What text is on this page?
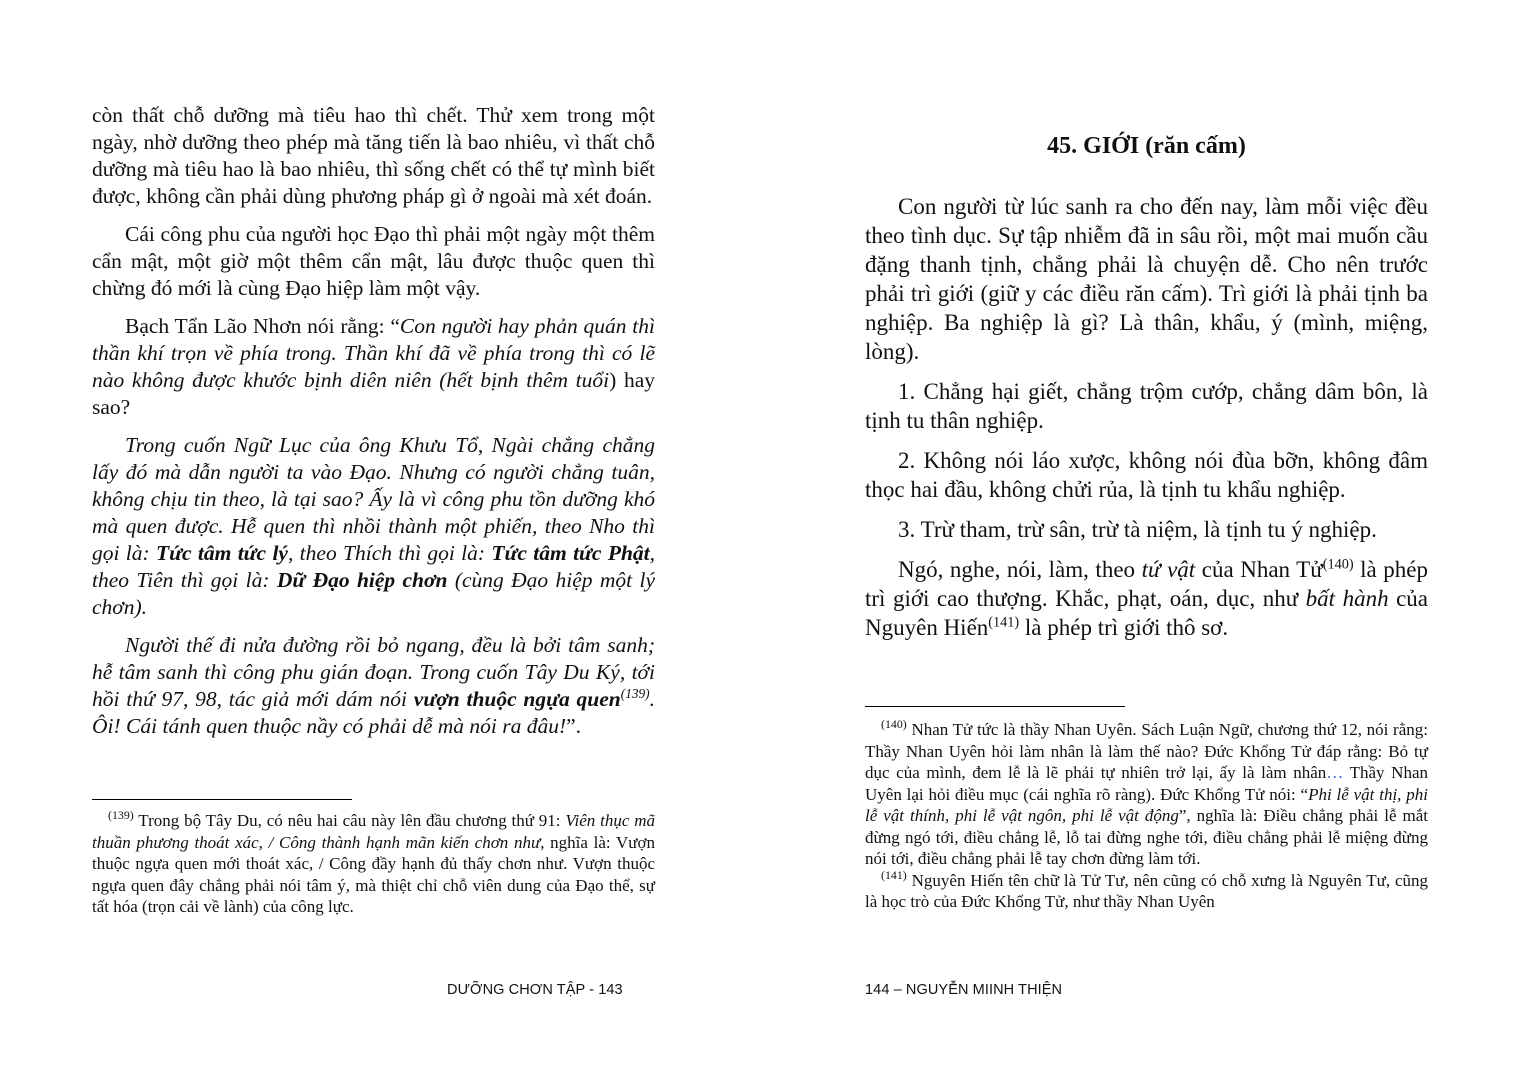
còn thất chỗ dưỡng mà tiêu hao thì chết. Thử xem trong một ngày, nhờ dưỡng theo phép mà tăng tiến là bao nhiêu, vì thất chỗ dưỡng mà tiêu hao là bao nhiêu, thì sống chết có thể tự mình biết được, không cần phải dùng phương pháp gì ở ngoài mà xét đoán.

Cái công phu của người học Đạo thì phải một ngày một thêm cẩn mật, một giờ một thêm cẩn mật, lâu được thuộc quen thì chừng đó mới là cùng Đạo hiệp làm một vậy.

Bạch Tẩn Lão Nhơn nói rằng: “Con người hay phản quán thì thần khí trọn về phía trong. Thần khí đã về phía trong thì có lẽ nào không được khước bịnh diên niên (hết bịnh thêm tuổi) hay sao?

Trong cuốn Ngữ Lục của ông Khưu Tổ, Ngài chẳng chẳng lấy đó mà dẫn người ta vào Đạo. Nhưng có người chẳng tuân, không chịu tin theo, là tại sao? Ấy là vì công phu tồn dưỡng khó mà quen được. Hễ quen thì nhồi thành một phiến, theo Nho thì gọi là: Tức tâm tức lý, theo Thích thì gọi là: Tức tâm tức Phật, theo Tiên thì gọi là: Dữ Đạo hiệp chơn (cùng Đạo hiệp một lý chơn).

Người thế đi nửa đường rồi bỏ ngang, đều là bởi tâm sanh; hễ tâm sanh thì công phu gián đoạn. Trong cuốn Tây Du Ký, tới hồi thứ 97, 98, tác giả mới dám nói vượn thuộc ngựa quen$^{(139)}$. Ôi! Cái tánh quen thuộc nầy có phải dễ mà nói ra đâu!”.

$^{(139)}$ Trong bộ Tây Du, có nêu hai câu này lên đầu chương thứ 91: Viên thục mã thuần phương thoát xác, / Công thành hạnh mãn kiến chơn như, nghĩa là: Vượn thuộc ngựa quen mới thoát xác, / Công đầy hạnh đủ thấy chơn như. Vượn thuộc ngựa quen đây chẳng phải nói tâm ý, mà thiệt chỉ chỗ viên dung của Đạo thể, sự tất hóa (trọn cải về lành) của công lực.

DƯỠNG CHƠN TẬP - 143
45. GIỚI (răn cấm)

Con người từ lúc sanh ra cho đến nay, làm mỗi việc đều theo tình dục. Sự tập nhiễm đã in sâu rồi, một mai muốn cầu đặng thanh tịnh, chẳng phải là chuyện dễ. Cho nên trước phải trì giới (giữ y các điều răn cấm). Trì giới là phải tịnh ba nghiệp. Ba nghiệp là gì? Là thân, khẩu, ý (mình, miệng, lòng).

1. Chẳng hại giết, chẳng trộm cướp, chẳng dâm bôn, là tịnh tu thân nghiệp.

2. Không nói láo xược, không nói đùa bỡn, không đâm thọc hai đầu, không chửi rủa, là tịnh tu khẩu nghiệp.

3. Trừ tham, trừ sân, trừ tà niệm, là tịnh tu ý nghiệp.

Ngó, nghe, nói, làm, theo tứ vật của Nhan Tử$^{(140)}$ là phép trì giới cao thượng. Khắc, phạt, oán, dục, như bất hành của Nguyên Hiến$^{(141)}$ là phép trì giới thô sơ.

$^{(140)}$ Nhan Tử tức là thầy Nhan Uyên. Sách Luận Ngữ, chương thứ 12, nói rằng: Thầy Nhan Uyên hỏi làm nhân là làm thế nào? Đức Khổng Tử đáp rằng: Bỏ tự dục của mình, đem lễ là lẽ phải tự nhiên trở lại, ấy là làm nhân… Thầy Nhan Uyên lại hỏi điều mục (cái nghĩa rõ ràng). Đức Khổng Tử nói: “Phi lễ vật thị, phi lễ vật thính, phi lễ vật ngôn, phi lễ vật động”, nghĩa là: Điều chẳng phải lễ mắt đừng ngó tới, điều chẳng lễ, lỗ tai đừng nghe tới, điều chẳng phải lễ miệng đừng nói tới, điều chẳng phải lễ tay chơn đừng làm tới.

$^{(141)}$ Nguyên Hiến tên chữ là Tử Tư, nên cũng có chỗ xưng là Nguyên Tư, cũng là học trò của Đức Khổng Tử, như thầy Nhan Uyên

144 – NGUYỄN MIINH THIỆN
